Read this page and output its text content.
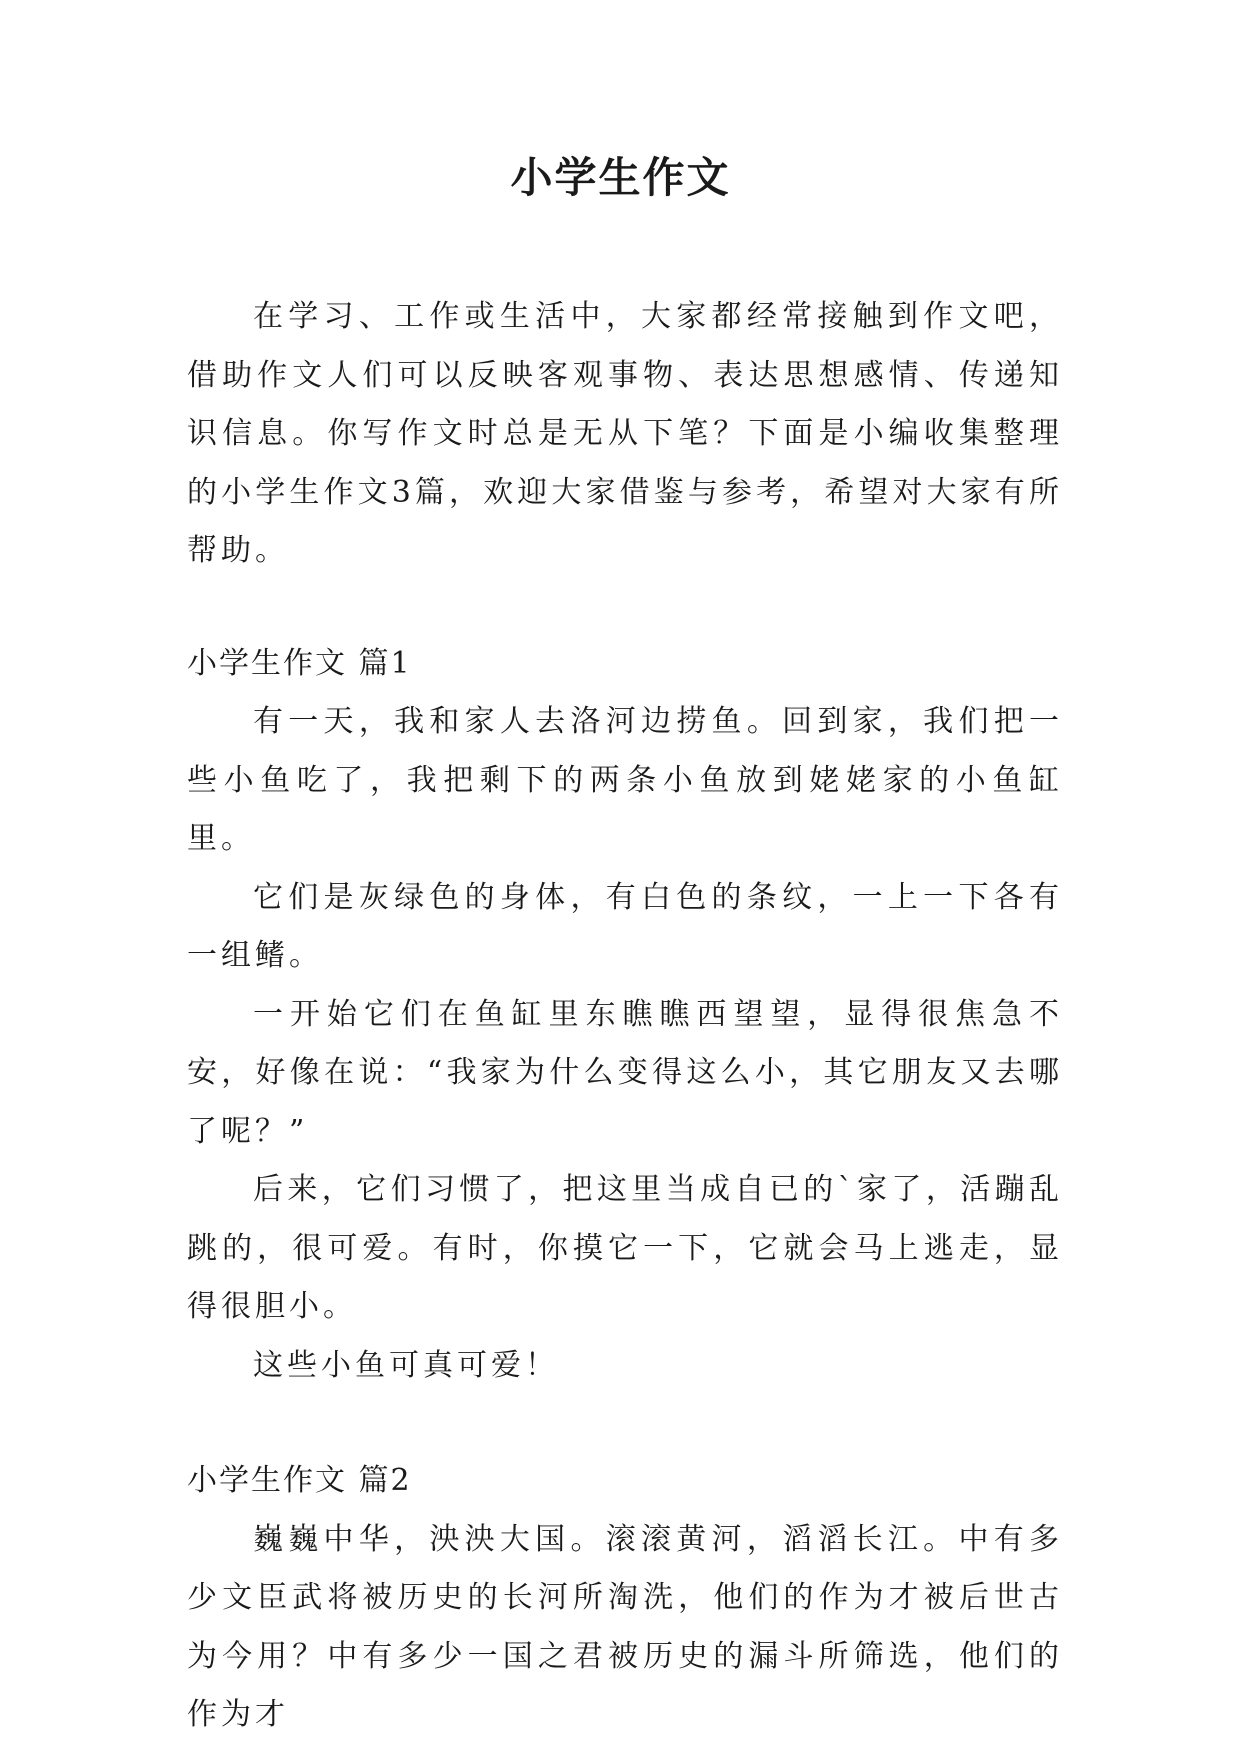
小学生作文

在学习、工作或生活中，大家都经常接触到作文吧，借助作文人们可以反映客观事物、表达思想感情、传递知识信息。你写作文时总是无从下笔？下面是小编收集整理的小学生作文3篇，欢迎大家借鉴与参考，希望对大家有所帮助。

小学生作文 篇1

有一天，我和家人去洛河边捞鱼。回到家，我们把一些小鱼吃了，我把剩下的两条小鱼放到姥姥家的小鱼缸里。

它们是灰绿色的身体，有白色的条纹，一上一下各有一组鳍。

一开始它们在鱼缸里东瞧瞧西望望，显得很焦急不安，好像在说：“我家为什么变得这么小，其它朋友又去哪了呢？”

后来，它们习惯了，把这里当成自已的`家了，活蹦乱跳的，很可爱。有时，你摸它一下，它就会马上逃走，显得很胆小。

这些小鱼可真可爱！

小学生作文 篇2

巍巍中华，泱泱大国。滚滚黄河，滔滔长江。中有多少文臣武将被历史的长河所淘洗，他们的作为才被后世古为今用？中有多少一国之君被历史的漏斗所筛选，他们的作为才
